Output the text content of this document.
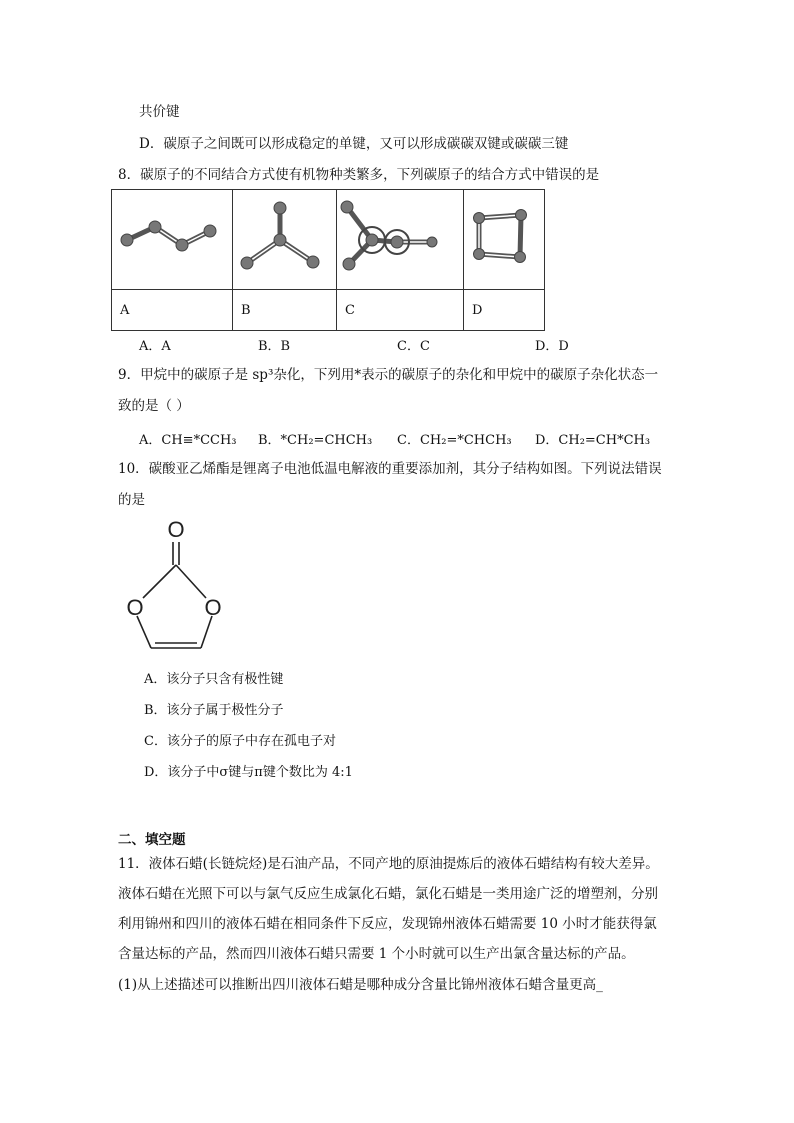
共价键
D．碳原子之间既可以形成稳定的单键，又可以形成碳碳双键或碳碳三键
8．碳原子的不同结合方式使有机物种类繁多，下列碳原子的结合方式中错误的是

A	B	C	D
A．A	B．B	C．C	D．D
9．甲烷中的碳原子是 sp³杂化，下列用*表示的碳原子的杂化和甲烷中的碳原子杂化状态一
致的是（ ）
A．CH≡*CCH₃ B．*CH₂=CHCH₃ C．CH₂=*CHCH₃ D．CH₂=CH*CH₃
10．碳酸亚乙烯酯是锂离子电池低温电解液的重要添加剂，其分子结构如图。下列说法错误
的是
O
O	O
A．该分子只含有极性键
B．该分子属于极性分子
C．该分子的原子中存在孤电子对
D．该分子中σ键与π键个数比为 4:1
二、填空题
11．液体石蜡(长链烷烃)是石油产品，不同产地的原油提炼后的液体石蜡结构有较大差异。
液体石蜡在光照下可以与氯气反应生成氯化石蜡，氯化石蜡是一类用途广泛的增塑剂，分别
利用锦州和四川的液体石蜡在相同条件下反应，发现锦州液体石蜡需要 10 小时才能获得氯
含量达标的产品，然而四川液体石蜡只需要 1 个小时就可以生产出氯含量达标的产品。
(1)从上述描述可以推断出四川液体石蜡是哪种成分含量比锦州液体石蜡含量更高_
